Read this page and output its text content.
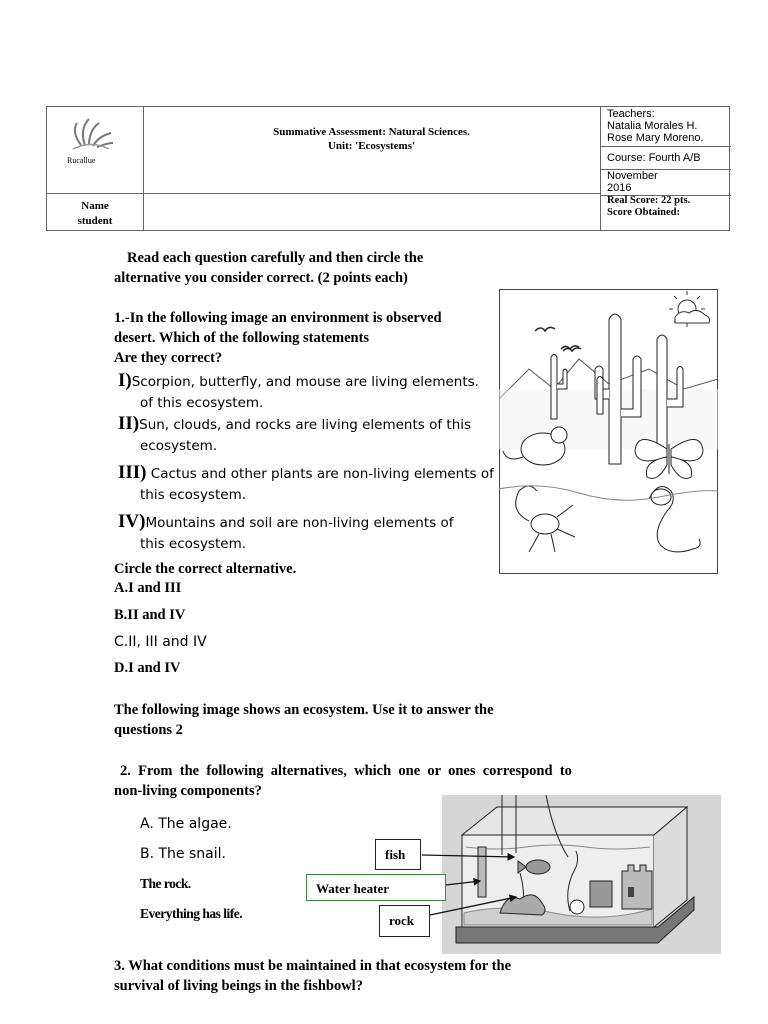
Rucallue
Summative Assessment: Natural Sciences.
Unit: 'Ecosystems'
Teachers:
Natalia Morales H.
Rose Mary Moreno.
Course: Fourth A/B
November
2016
Name
student
Real Score: 22 pts.
Score Obtained:
Read each question carefully and then circle the
alternative you consider correct. (2 points each)
1.-In the following image an environment is observed
desert. Which of the following statements
Are they correct?
I)Scorpion, butterfly, and mouse are living elements.
of this ecosystem.
II)Sun, clouds, and rocks are living elements of this
ecosystem.
III) Cactus and other plants are non-living elements of
this ecosystem.
IV)Mountains and soil are non-living elements of
this ecosystem.
Circle the correct alternative.
A.I and III
B.II and IV
C.II, III and IV
D.I and IV
The following image shows an ecosystem. Use it to answer the
questions 2
2.  From  the  following  alternatives,  which  one  or  ones  correspond  to
non-living components?
A. The algae.
B. The snail.
The rock.
Everything has life.
fish
Water heater
rock
3. What conditions must be maintained in that ecosystem for the
survival of living beings in the fishbowl?
